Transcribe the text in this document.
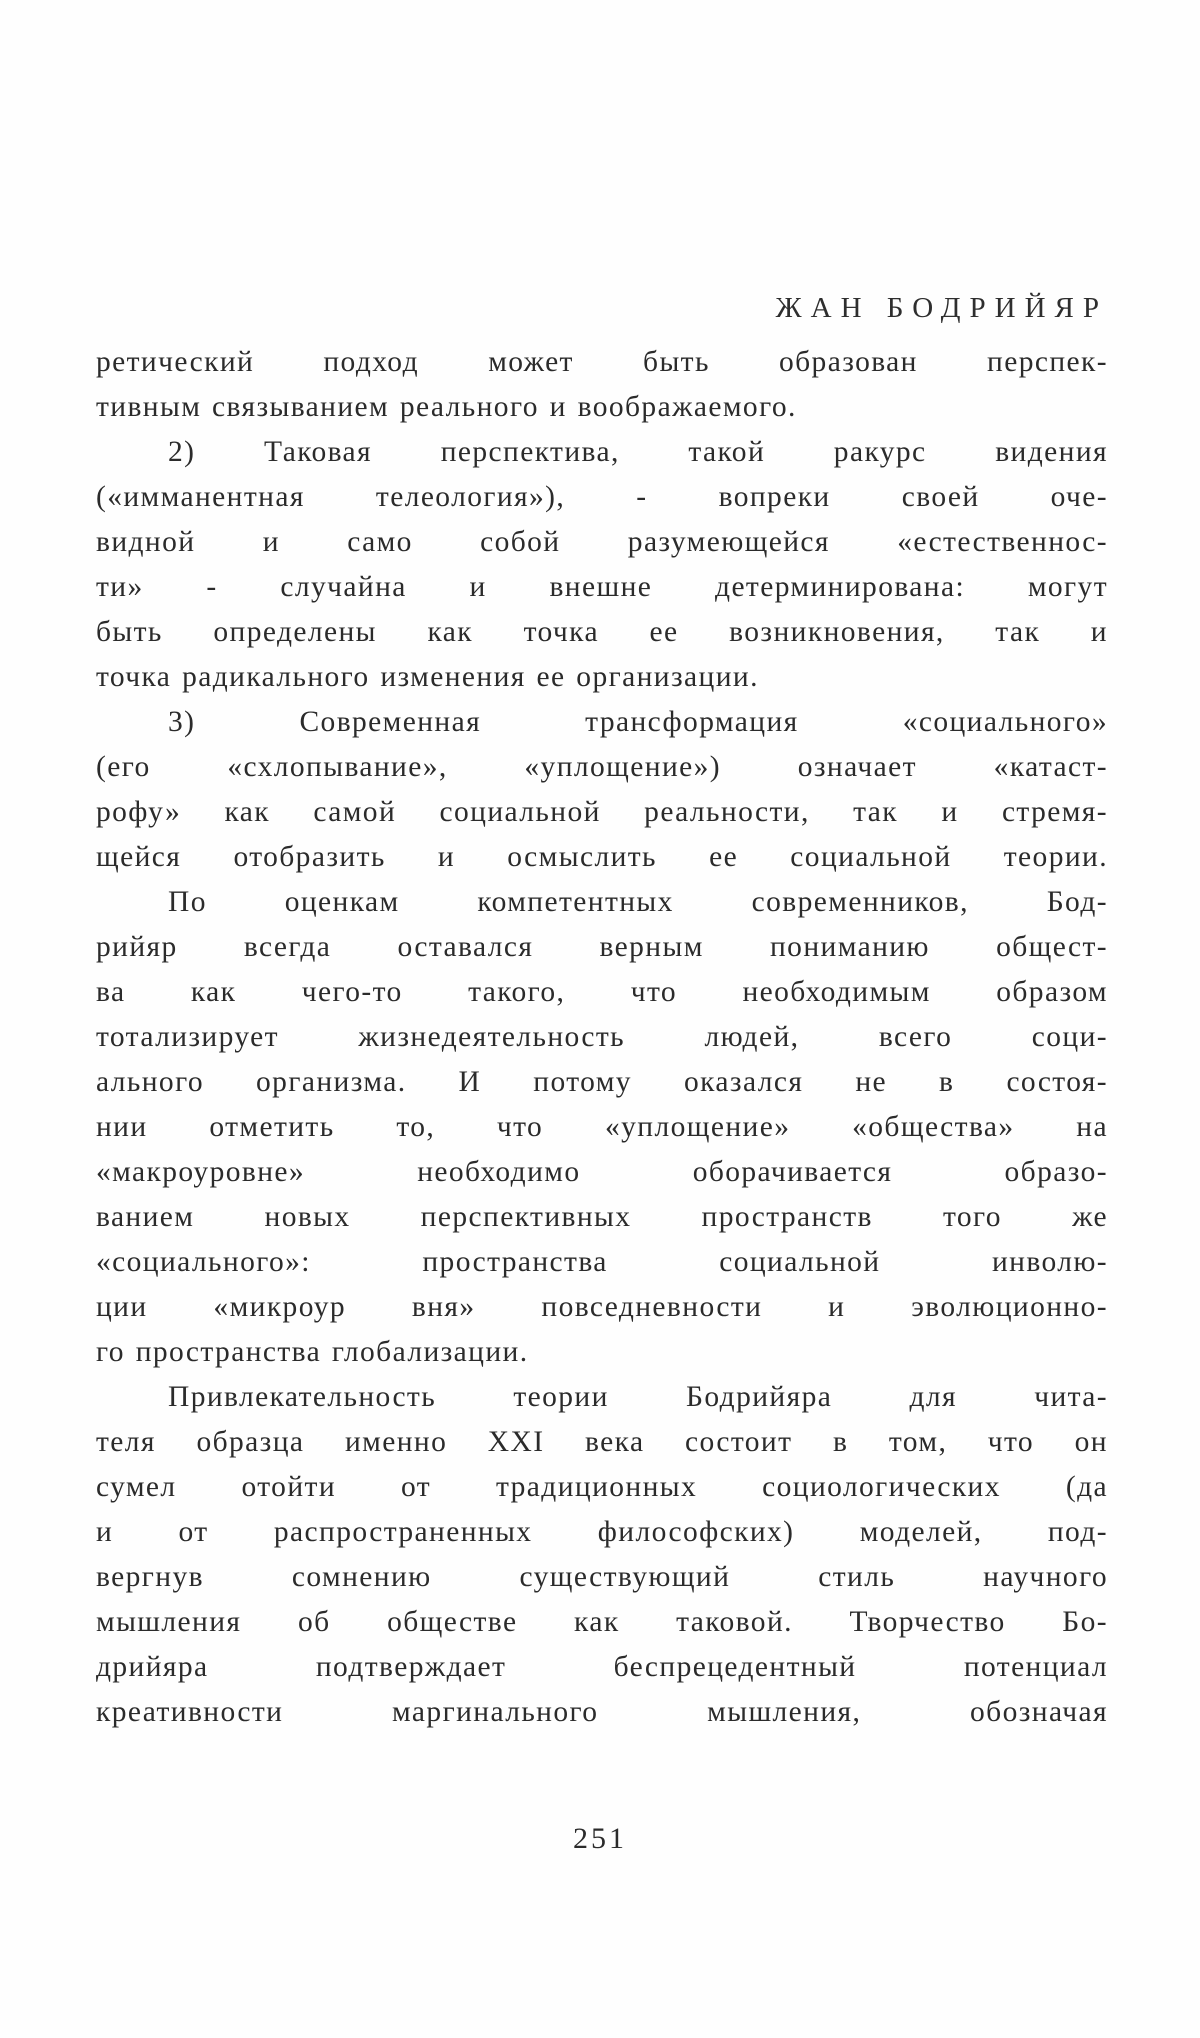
ЖАН БОДРИЙЯР
ретический подход может быть образован перспек-
тивным связыванием реального и воображаемого.
2) Таковая перспектива, такой ракурс видения
(«имманентная телеология»), - вопреки своей оче-
видной и само собой разумеющейся «естественнос-
ти» - случайна и внешне детерминирована: могут
быть определены как точка ее возникновения, так и
точка радикального изменения ее организации.
3) Современная трансформация «социального»
(его «схлопывание», «уплощение») означает «катаст-
рофу» как самой социальной реальности, так и стремя-
щейся отобразить и осмыслить ее социальной теории.
По оценкам компетентных современников, Бод-
рийяр всегда оставался верным пониманию общест-
ва как чего-то такого, что необходимым образом
тотализирует жизнедеятельность людей, всего соци-
ального организма. И потому оказался не в состоя-
нии отметить то, что «уплощение» «общества» на
«макроуровне» необходимо оборачивается образо-
ванием новых перспективных пространств того же
«социального»: пространства социальной инволю-
ции «микроур вня» повседневности и эволюционно-
го пространства глобализации.
Привлекательность теории Бодрийяра для чита-
теля образца именно XXI века состоит в том, что он
сумел отойти от традиционных социологических (да
и от распространенных философских) моделей, под-
вергнув сомнению существующий стиль научного
мышления об обществе как таковой. Творчество Бо-
дрийяра подтверждает беспрецедентный потенциал
креативности маргинального мышления, обозначая
251
